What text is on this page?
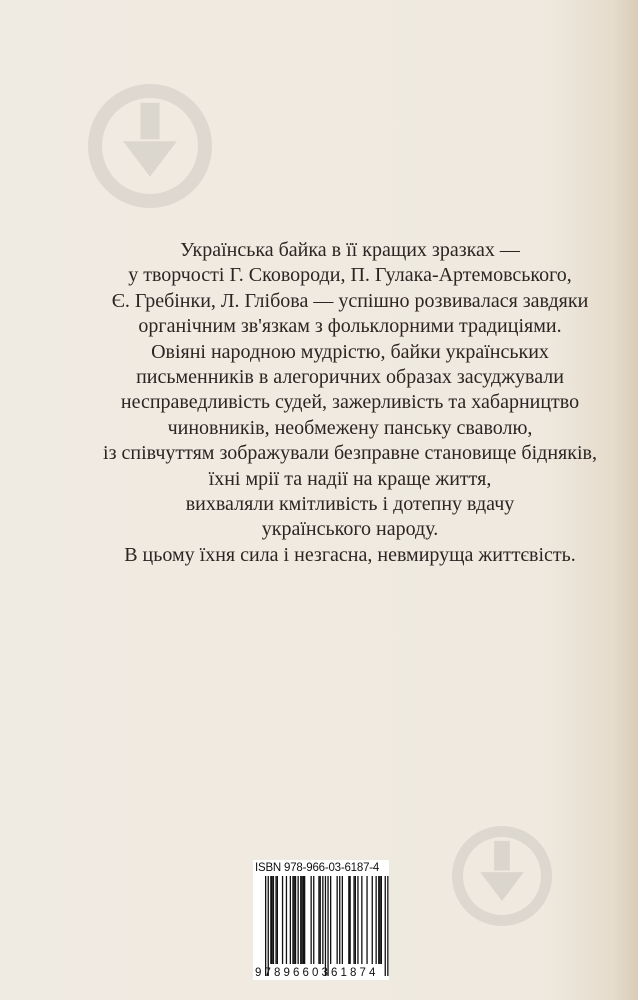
Українська байка в її кращих зразках —
у творчості Г. Сковороди, П. Гулака-Артемовського,
Є. Гребінки, Л. Глібова — успішно розвивалася завдяки
органічним зв'язкам з фольклорними традиціями.
Овіяні народною мудрістю, байки українських
письменників в алегоричних образах засуджували
несправедливість судей, зажерливість та хабарництво
чиновників, необмежену панську сваволю,
із співчуттям зображували безправне становище бідняків,
їхні мрії та надії на краще життя,
вихваляли кмітливість і дотепну вдачу
українського народу.
В цьому їхня сила і незгасна, невмируща життєвість.
ISBN 978-966-03-6187-4
9789660361874
